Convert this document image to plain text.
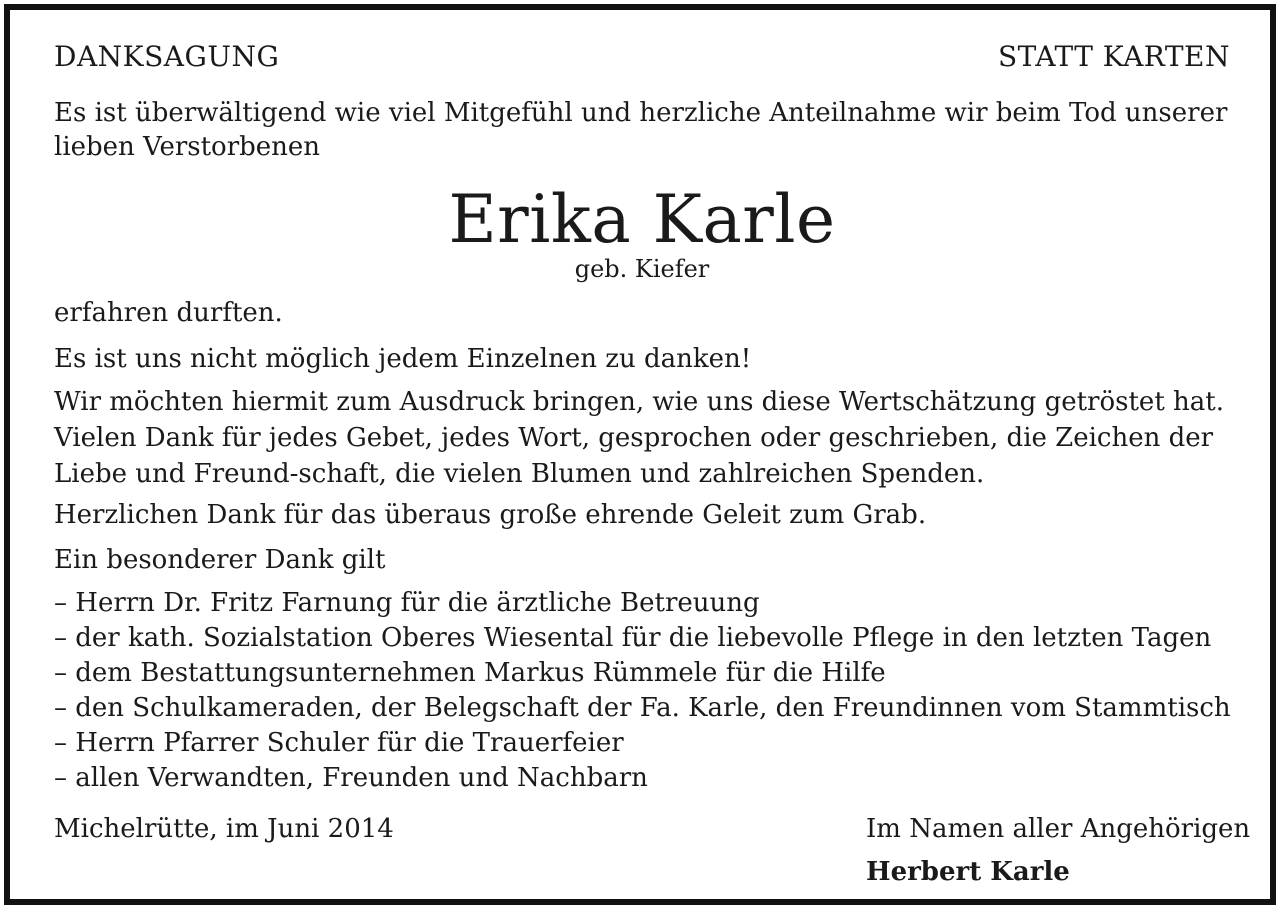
DANKSAGUNG	STATT KARTEN
Es ist überwältigend wie viel Mitgefühl und herzliche Anteilnahme wir beim Tod unserer lieben Verstorbenen
Erika Karle
geb. Kiefer
erfahren durften.
Es ist uns nicht möglich jedem Einzelnen zu danken!
Wir möchten hiermit zum Ausdruck bringen, wie uns diese Wertschätzung getröstet hat. Vielen Dank für jedes Gebet, jedes Wort, gesprochen oder geschrieben, die Zeichen der Liebe und Freund-schaft, die vielen Blumen und zahlreichen Spenden.
Herzlichen Dank für das überaus große ehrende Geleit zum Grab.
Ein besonderer Dank gilt
– Herrn Dr. Fritz Farnung für die ärztliche Betreuung
– der kath. Sozialstation Oberes Wiesental für die liebevolle Pflege in den letzten Tagen
– dem Bestattungsunternehmen Markus Rümmele für die Hilfe
– den Schulkameraden, der Belegschaft der Fa. Karle, den Freundinnen vom Stammtisch
– Herrn Pfarrer Schuler für die Trauerfeier
– allen Verwandten, Freunden und Nachbarn
Michelrütte, im Juni 2014	Im Namen aller Angehörigen
Herbert Karle
